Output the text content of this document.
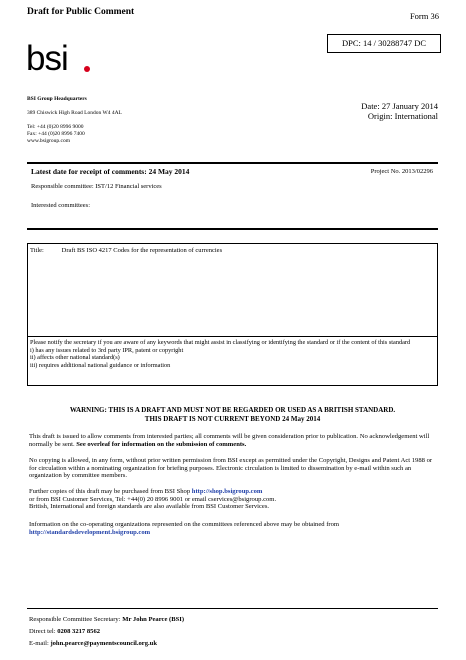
Draft for Public Comment	Form 36
DPC: 14 / 30288747 DC
bsi
BSI Group Headquarters
389 Chiswick High Road London W4 4AL
Tel: +44 (0)20 8996 9000
Fax: +44 (0)20 8996 7400
www.bsigroup.com
Date: 27 January 2014
Origin: International
Latest date for receipt of comments: 24 May 2014	Project No. 2013/02296
Responsible committee: IST/12 Financial services
Interested committees:
Title:	Draft BS ISO 4217 Codes for the representation of currencies
Please notify the secretary if you are aware of any keywords that might assist in classifying or identifying the standard or if the content of this standard
i) has any issues related to 3rd party IPR, patent or copyright
ii) affects other national standard(s)
iii) requires additional national guidance or information
WARNING: THIS IS A DRAFT AND MUST NOT BE REGARDED OR USED AS A BRITISH STANDARD.
THIS DRAFT IS NOT CURRENT BEYOND 24 May 2014
This draft is issued to allow comments from interested parties; all comments will be given consideration prior to publication. No acknowledgement will normally be sent. See overleaf for information on the submission of comments.
No copying is allowed, in any form, without prior written permission from BSI except as permitted under the Copyright, Designs and Patent Act 1988 or for circulation within a nominating organization for briefing purposes. Electronic circulation is limited to dissemination by e-mail within such an organization by committee members.
Further copies of this draft may be purchased from BSI Shop http://shop.bsigroup.com
or from BSI Customer Services, Tel: +44(0) 20 8996 9001 or email cservices@bsigroup.com.
British, International and foreign standards are also available from BSI Customer Services.
Information on the co-operating organizations represented on the committees referenced above may be obtained from
http://standardsdevelopment.bsigroup.com
Responsible Committee Secretary: Mr John Pearce (BSI)
Direct tel: 0208 3217 8562
E-mail: john.pearce@paymentscouncil.org.uk
